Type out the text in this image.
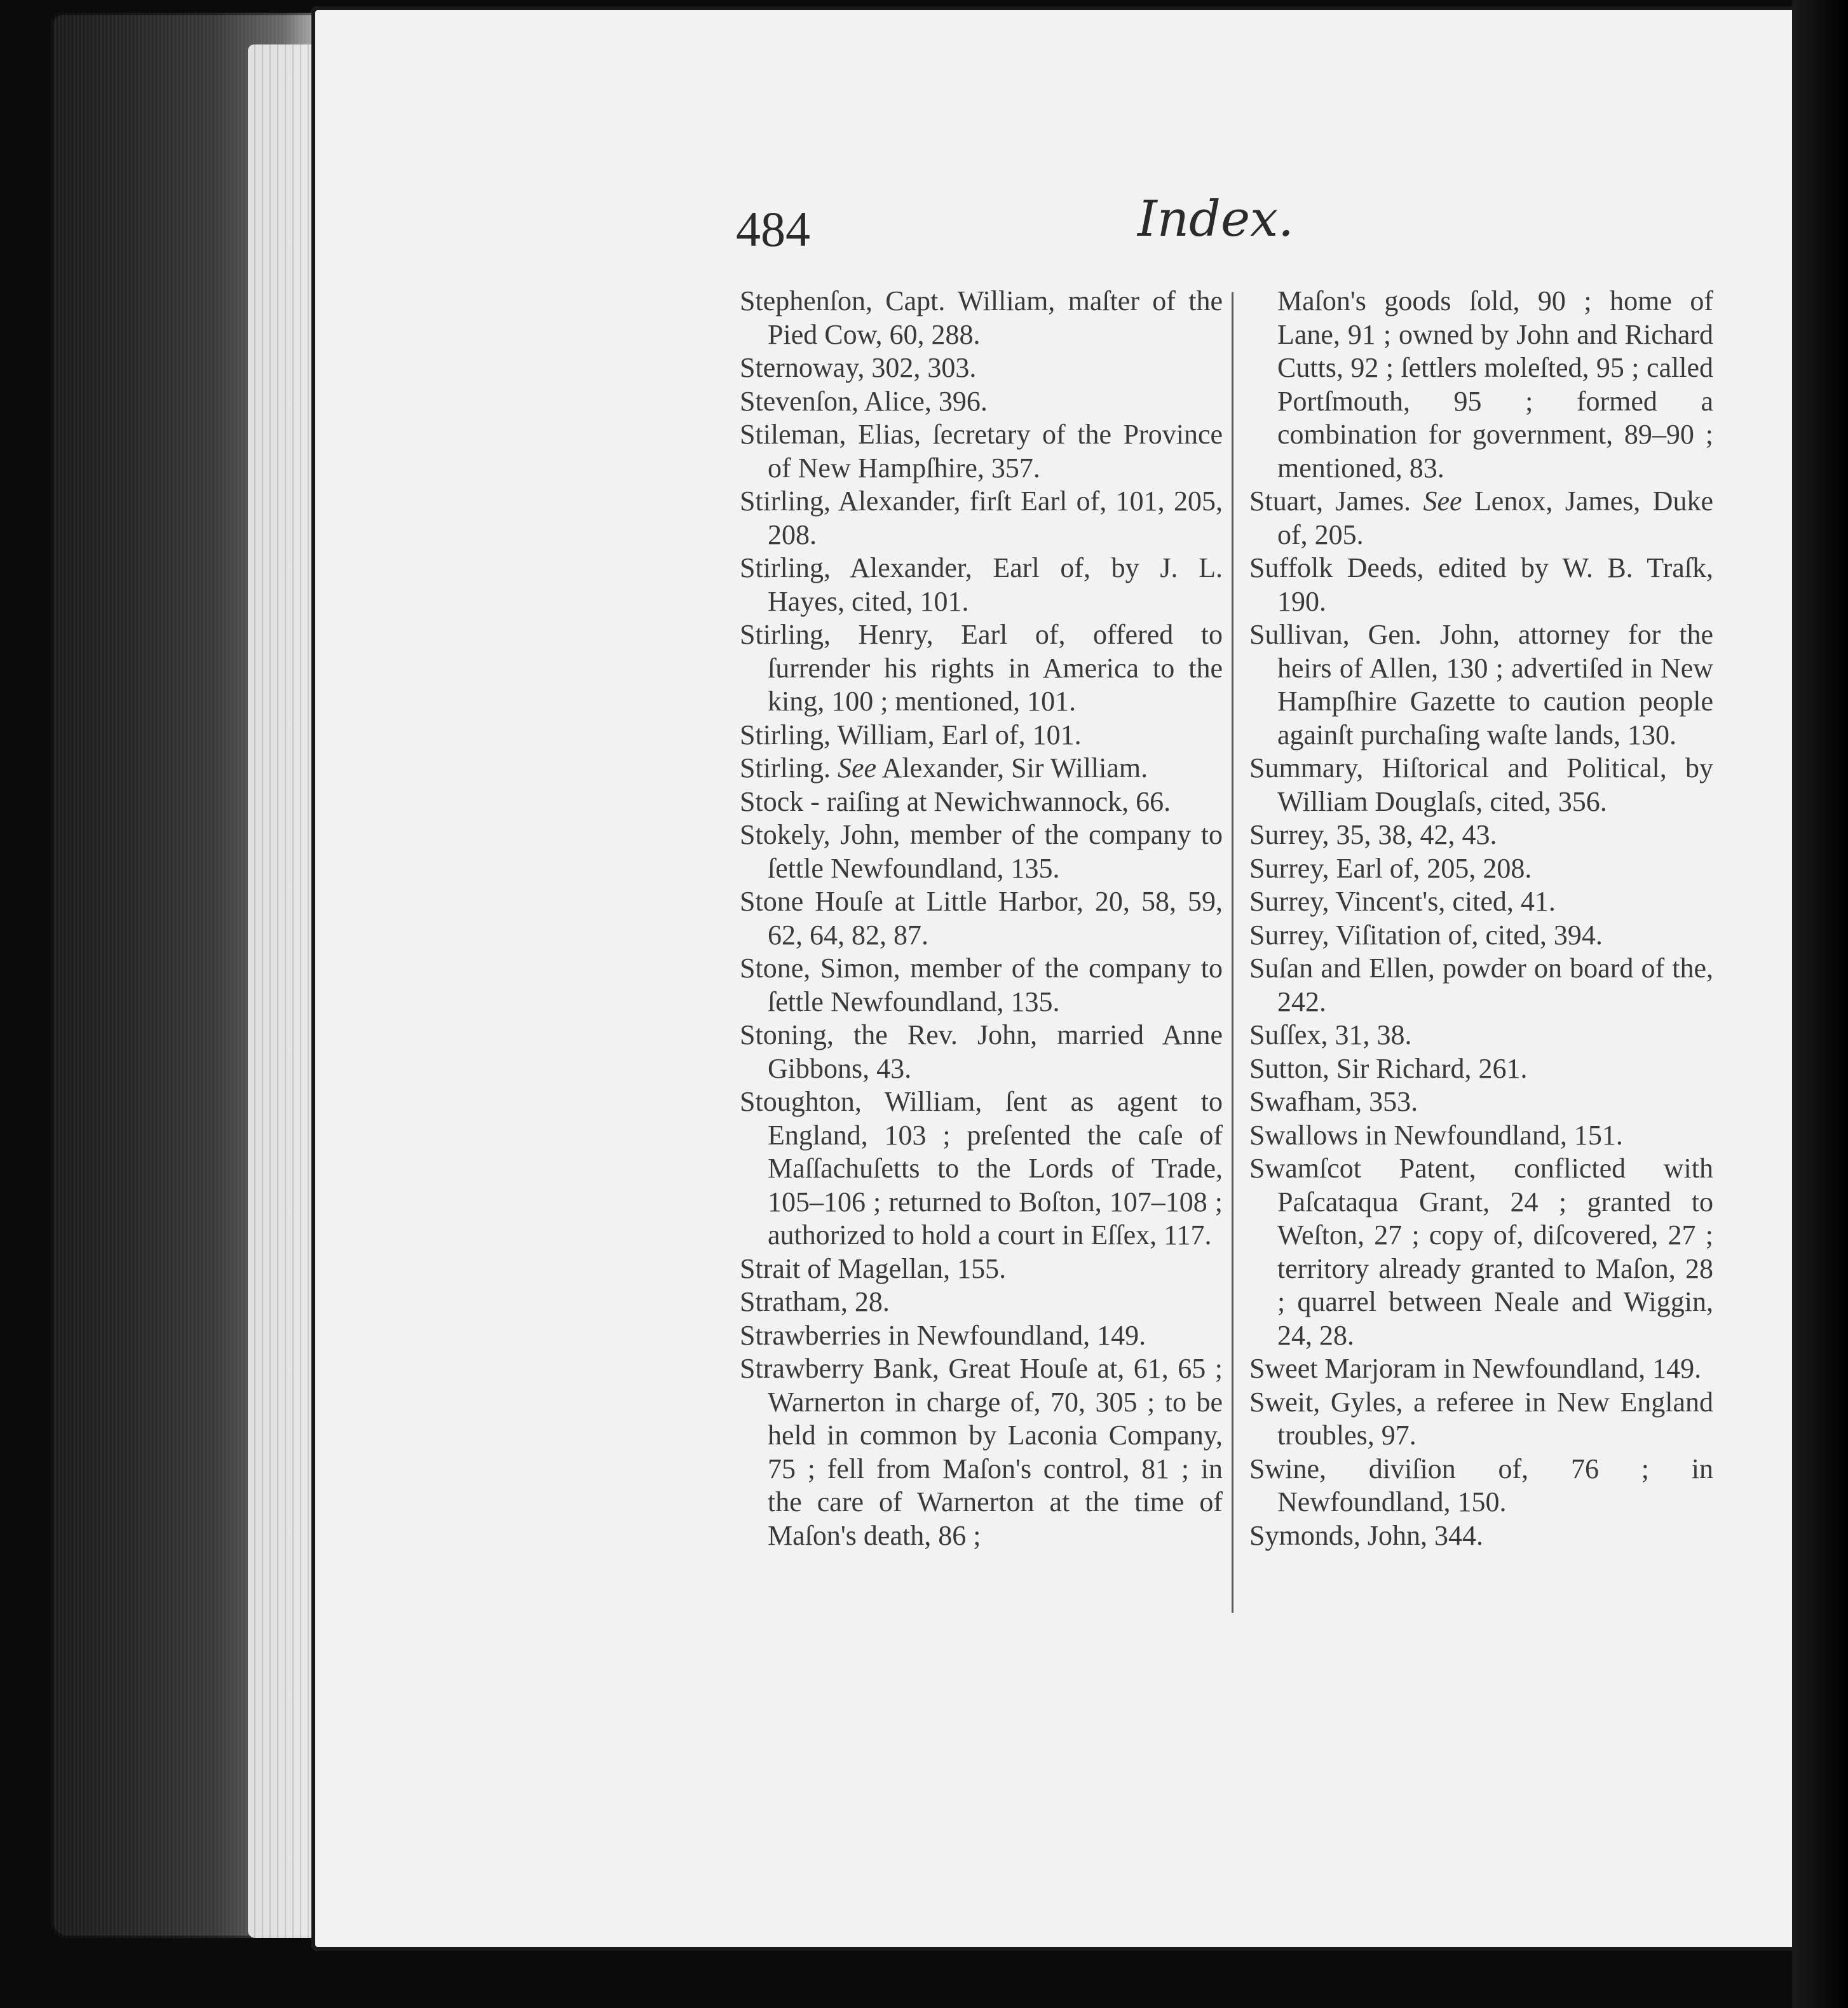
484	Index.

Stephenſon, Capt. William, maſter of the Pied Cow, 60, 288.

Sternoway, 302, 303.

Stevenſon, Alice, 396.

Stileman, Elias, ſecretary of the Province of New Hampſhire, 357.

Stirling, Alexander, firſt Earl of, 101, 205, 208.

Stirling, Alexander, Earl of, by J. L. Hayes, cited, 101.

Stirling, Henry, Earl of, offered to ſurrender his rights in America to the king, 100 ; mentioned, 101.

Stirling, William, Earl of, 101.

Stirling. See Alexander, Sir William.

Stock - raiſing at Newichwannock, 66.

Stokely, John, member of the company to ſettle Newfoundland, 135.

Stone Houſe at Little Harbor, 20, 58, 59, 62, 64, 82, 87.

Stone, Simon, member of the company to ſettle Newfoundland, 135.

Stoning, the Rev. John, married Anne Gibbons, 43.

Stoughton, William, ſent as agent to England, 103 ; preſented the caſe of Maſſachuſetts to the Lords of Trade, 105–106 ; returned to Boſton, 107–108 ; authorized to hold a court in Eſſex, 117.

Strait of Magellan, 155.

Stratham, 28.

Strawberries in Newfoundland, 149.

Strawberry Bank, Great Houſe at, 61, 65 ; Warnerton in charge of, 70, 305 ; to be held in common by Laconia Company, 75 ; fell from Maſon's control, 81 ; in the care of Warnerton at the time of Maſon's death, 86 ;

Maſon's goods ſold, 90 ; home of Lane, 91 ; owned by John and Richard Cutts, 92 ; ſettlers moleſted, 95 ; called Portſmouth, 95 ; formed a combination for government, 89–90 ; mentioned, 83.

Stuart, James. See Lenox, James, Duke of, 205.

Suffolk Deeds, edited by W. B. Traſk, 190.

Sullivan, Gen. John, attorney for the heirs of Allen, 130 ; advertiſed in New Hampſhire Gazette to caution people againſt purchaſing waſte lands, 130.

Summary, Hiſtorical and Political, by William Douglaſs, cited, 356.

Surrey, 35, 38, 42, 43.

Surrey, Earl of, 205, 208.

Surrey, Vincent's, cited, 41.

Surrey, Viſitation of, cited, 394.

Suſan and Ellen, powder on board of the, 242.

Suſſex, 31, 38.

Sutton, Sir Richard, 261.

Swafham, 353.

Swallows in Newfoundland, 151.

Swamſcot Patent, conflicted with Paſcataqua Grant, 24 ; granted to Weſton, 27 ; copy of, diſcovered, 27 ; territory already granted to Maſon, 28 ; quarrel between Neale and Wiggin, 24, 28.

Sweet Marjoram in Newfoundland, 149.

Sweit, Gyles, a referee in New England troubles, 97.

Swine, diviſion of, 76 ; in Newfoundland, 150.

Symonds, John, 344.
